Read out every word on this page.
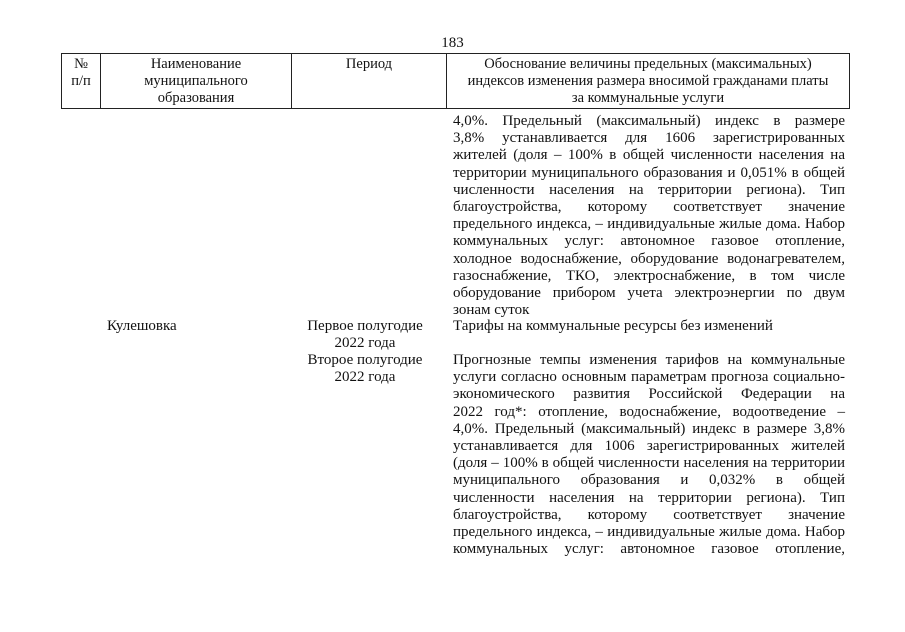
183
№
п/п
Наименование
муниципального
образования
Период	Обоснование величины предельных (максимальных)
индексов изменения размера вносимой гражданами платы
за коммунальные услуги
4,0%. Предельный (максимальный) индекс в размере
3,8% устанавливается для 1606 зарегистрированных
жителей (доля – 100% в общей численности населения на
территории муниципального образования и 0,051% в общей
численности населения на территории региона). Тип
благоустройства, которому соответствует значение
предельного индекса, – индивидуальные жилые дома. Набор
коммунальных услуг: автономное газовое отопление,
холодное водоснабжение, оборудование водонагревателем,
газоснабжение, ТКО, электроснабжение, в том числе
оборудование прибором учета электроэнергии по двум
зонам суток
Кулешовка	Первое полугодие
2022 года
Второе полугодие
2022 года
Тарифы на коммунальные ресурсы без изменений
Прогнозные темпы изменения тарифов на коммунальные
услуги согласно основным параметрам прогноза социально-
экономического развития Российской Федерации на
2022 год*: отопление, водоснабжение, водоотведение –
4,0%. Предельный (максимальный) индекс в размере 3,8%
устанавливается для 1006 зарегистрированных жителей
(доля – 100% в общей численности населения на территории
муниципального образования и 0,032% в общей
численности населения на территории региона). Тип
благоустройства, которому соответствует значение
предельного индекса, – индивидуальные жилые дома. Набор
коммунальных услуг: автономное газовое отопление,
